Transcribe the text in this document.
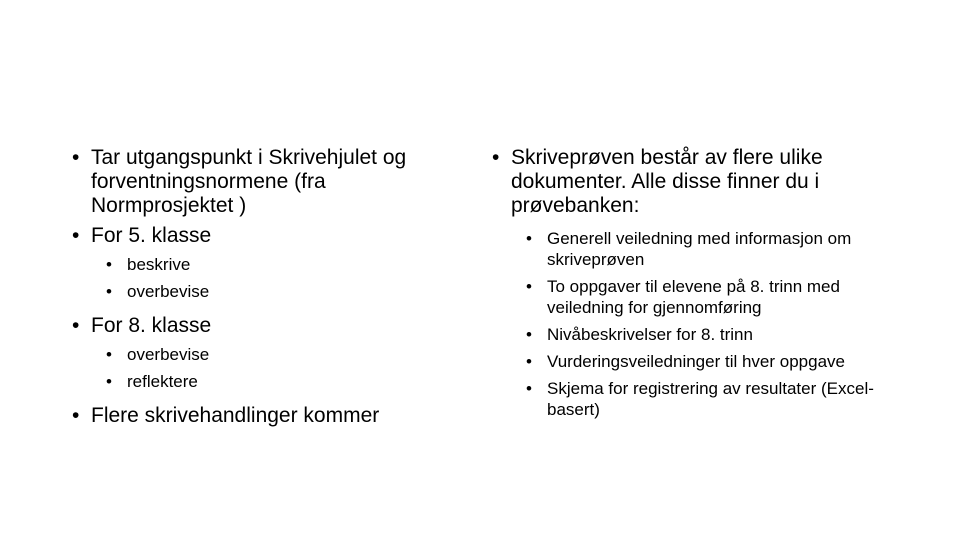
• Tar utgangspunkt i Skrivehjulet og forventningsnormene (fra Normprosjektet )
• For 5. klasse
• beskrive
• overbevise
• For 8. klasse
• overbevise
• reflektere
• Flere skrivehandlinger kommer
• Skriveprøven består av flere ulike dokumenter. Alle disse finner du i prøvebanken:
• Generell veiledning med informasjon om skriveprøven
• To oppgaver til elevene på 8. trinn med veiledning for gjennomføring
• Nivåbeskrivelser for 8. trinn
• Vurderingsveiledninger til hver oppgave
• Skjema for registrering av resultater (Excel-basert)
